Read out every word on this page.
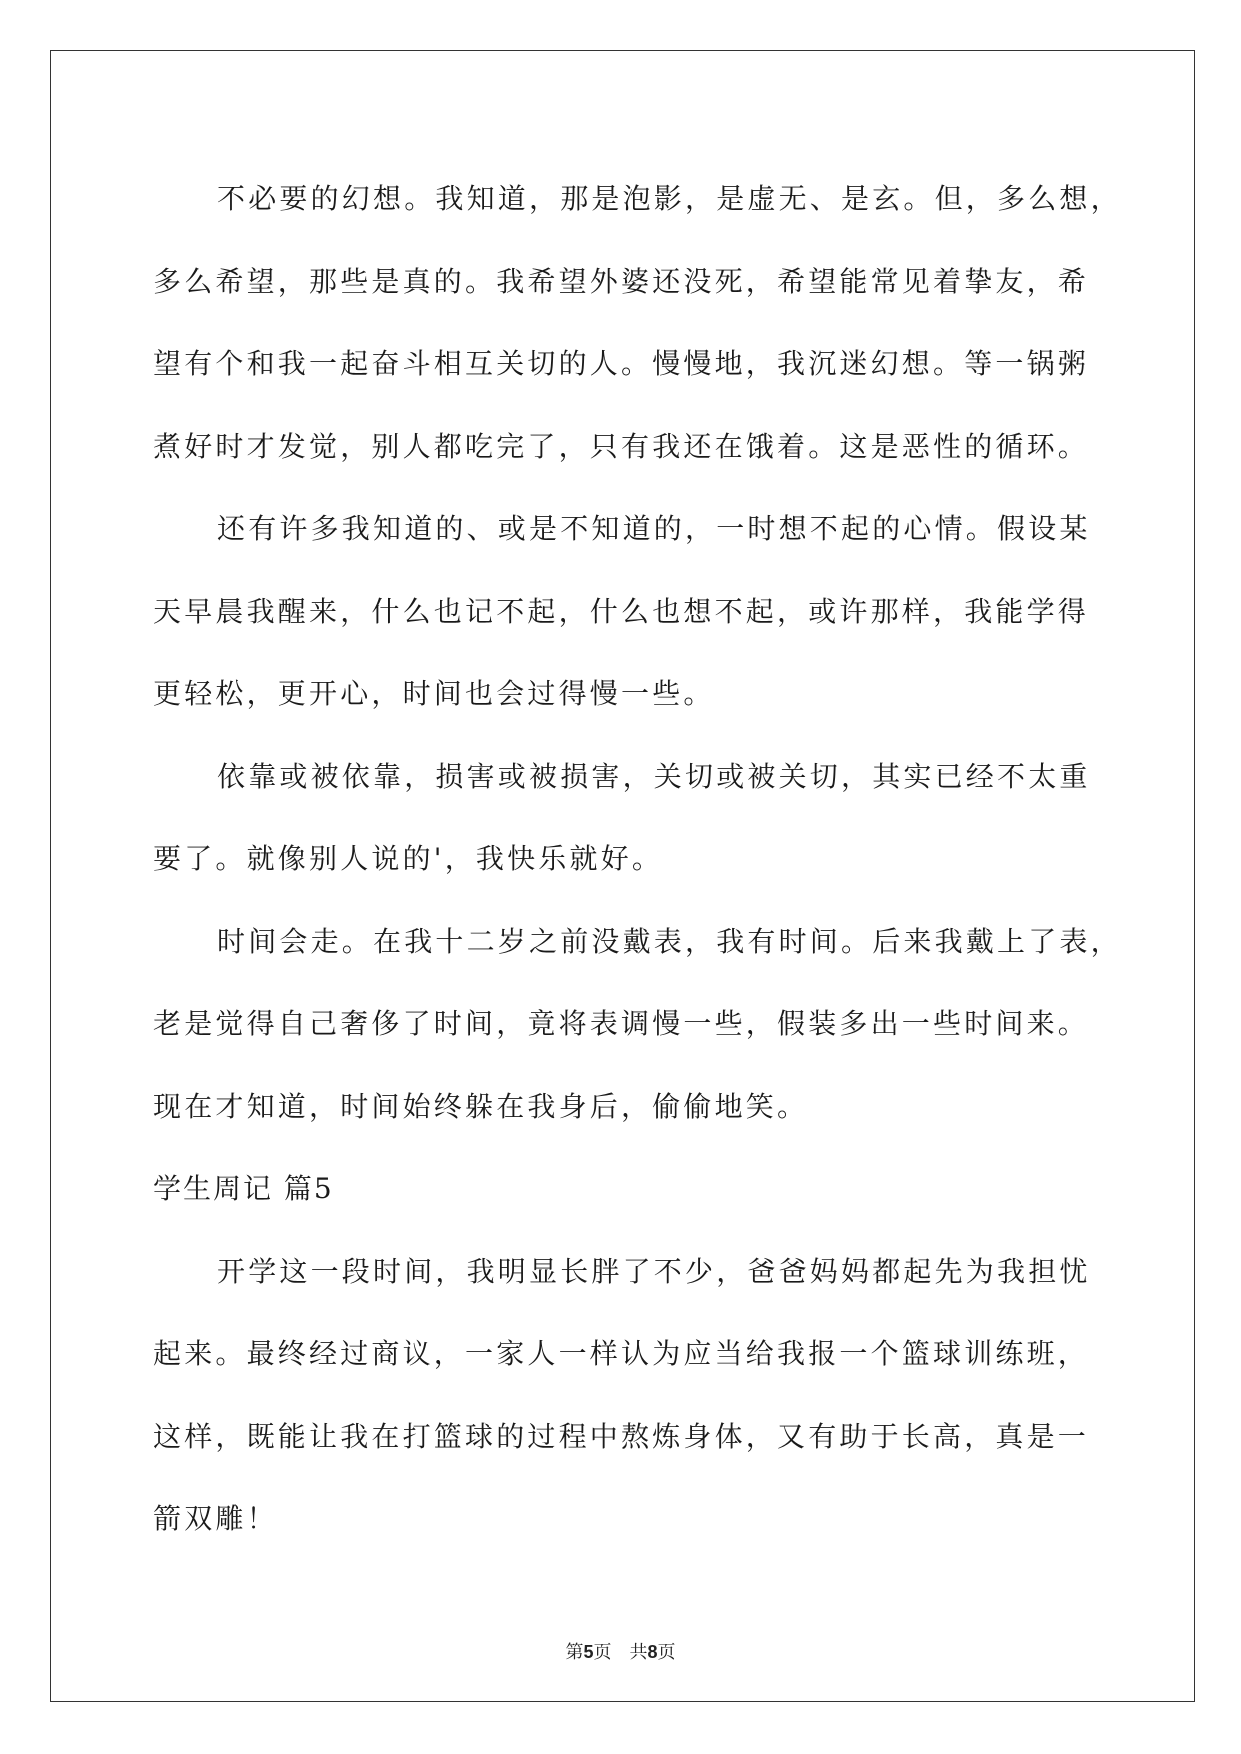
不必要的幻想。我知道，那是泡影，是虚无、是玄。但，多么想，
多么希望，那些是真的。我希望外婆还没死，希望能常见着挚友，希
望有个和我一起奋斗相互关切的人。慢慢地，我沉迷幻想。等一锅粥
煮好时才发觉，别人都吃完了，只有我还在饿着。这是恶性的循环。
还有许多我知道的、或是不知道的，一时想不起的心情。假设某
天早晨我醒来，什么也记不起，什么也想不起，或许那样，我能学得
更轻松，更开心，时间也会过得慢一些。
依靠或被依靠，损害或被损害，关切或被关切，其实已经不太重
要了。就像别人说的'，我快乐就好。
时间会走。在我十二岁之前没戴表，我有时间。后来我戴上了表，
老是觉得自己奢侈了时间，竟将表调慢一些，假装多出一些时间来。
现在才知道，时间始终躲在我身后，偷偷地笑。
学生周记 篇5
开学这一段时间，我明显长胖了不少，爸爸妈妈都起先为我担忧
起来。最终经过商议，一家人一样认为应当给我报一个篮球训练班，
这样，既能让我在打篮球的过程中熬炼身体，又有助于长高，真是一
箭双雕！
第5页 共8页
